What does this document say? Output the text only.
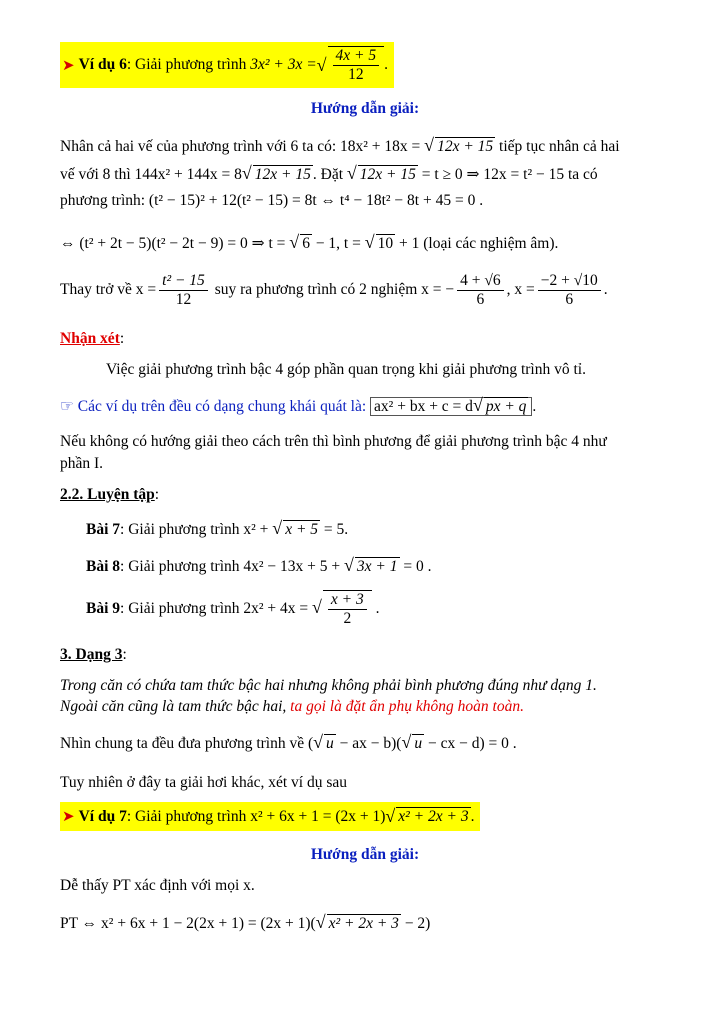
➤ Ví dụ 6 : Giải phương trình
3x² + 3x = √ $\frac{4x + 5}{12}$ .
Hướng dẫn giải:
Nhân cả hai vế của phương trình với 6 ta có: 18x² + 18x = √ 12x + 15 tiếp tục nhân cả hai
vế với 8 thì 144x² + 144x = 8√ 12x + 15 . Đặt √ 12x + 15 = t ≥ 0 ⇒ 12x = t² − 15 ta có
phương trình: (t² − 15)² + 12(t² − 15) = 8t ⇔ t⁴ − 18t² − 8t + 45 = 0 .
⇔ (t² + 2t − 5)(t² − 2t − 9) = 0 ⇒ t = √ 6 − 1, t = √ 10 + 1 (loại các nghiệm âm).
Thay trở về $x = \frac{\text{t² − 15}}{12}$ suy ra phương trình có 2 nghiệm x = − $\frac{4 + √6}{6}$ , $x = \frac{-2 + √10}{6}$ .
Nhận xét:
Việc giải phương trình bậc 4 góp phần quan trọng khi giải phương trình vô tỉ.
☞ Các ví dụ trên đều có dạng chung khái quát là: ax² + bx + c = d√ px + q .
Nếu không có hướng giải theo cách trên thì bình phương để giải phương trình bậc 4 như
phần I.
2.2. Luyện tập:
Bài 7: Giải phương trình x² + √ x + 5 = 5.
Bài 8: Giải phương trình 4x² − 13x + 5 + √ 3x + 1 = 0 .
Bài 9: Giải phương trình 2x² + 4x = √ $\frac{x + 3}{2}$ .
3. Dạng 3:
Trong căn có chứa tam thức bậc hai nhưng không phải bình phương đúng như dạng 1.
Ngoài căn cũng là tam thức bậc hai, ta gọi là đặt ẩn phụ không hoàn toàn.
Nhìn chung ta đều đưa phương trình về (√ u − ax − b)(√ u − cx − d) = 0 .
Tuy nhiên ở đây ta giải hơi khác, xét ví dụ sau
➤ Ví dụ 7 : Giải phương trình x² + 6x + 1 = (2x + 1) √ x² + 2x + 3 .
Hướng dẫn giải:
Dễ thấy PT xác định với mọi x.
PT ⇔ x² + 6x + 1 − 2(2x + 1) = (2x + 1)(√ x² + 2x + 3 − 2)
